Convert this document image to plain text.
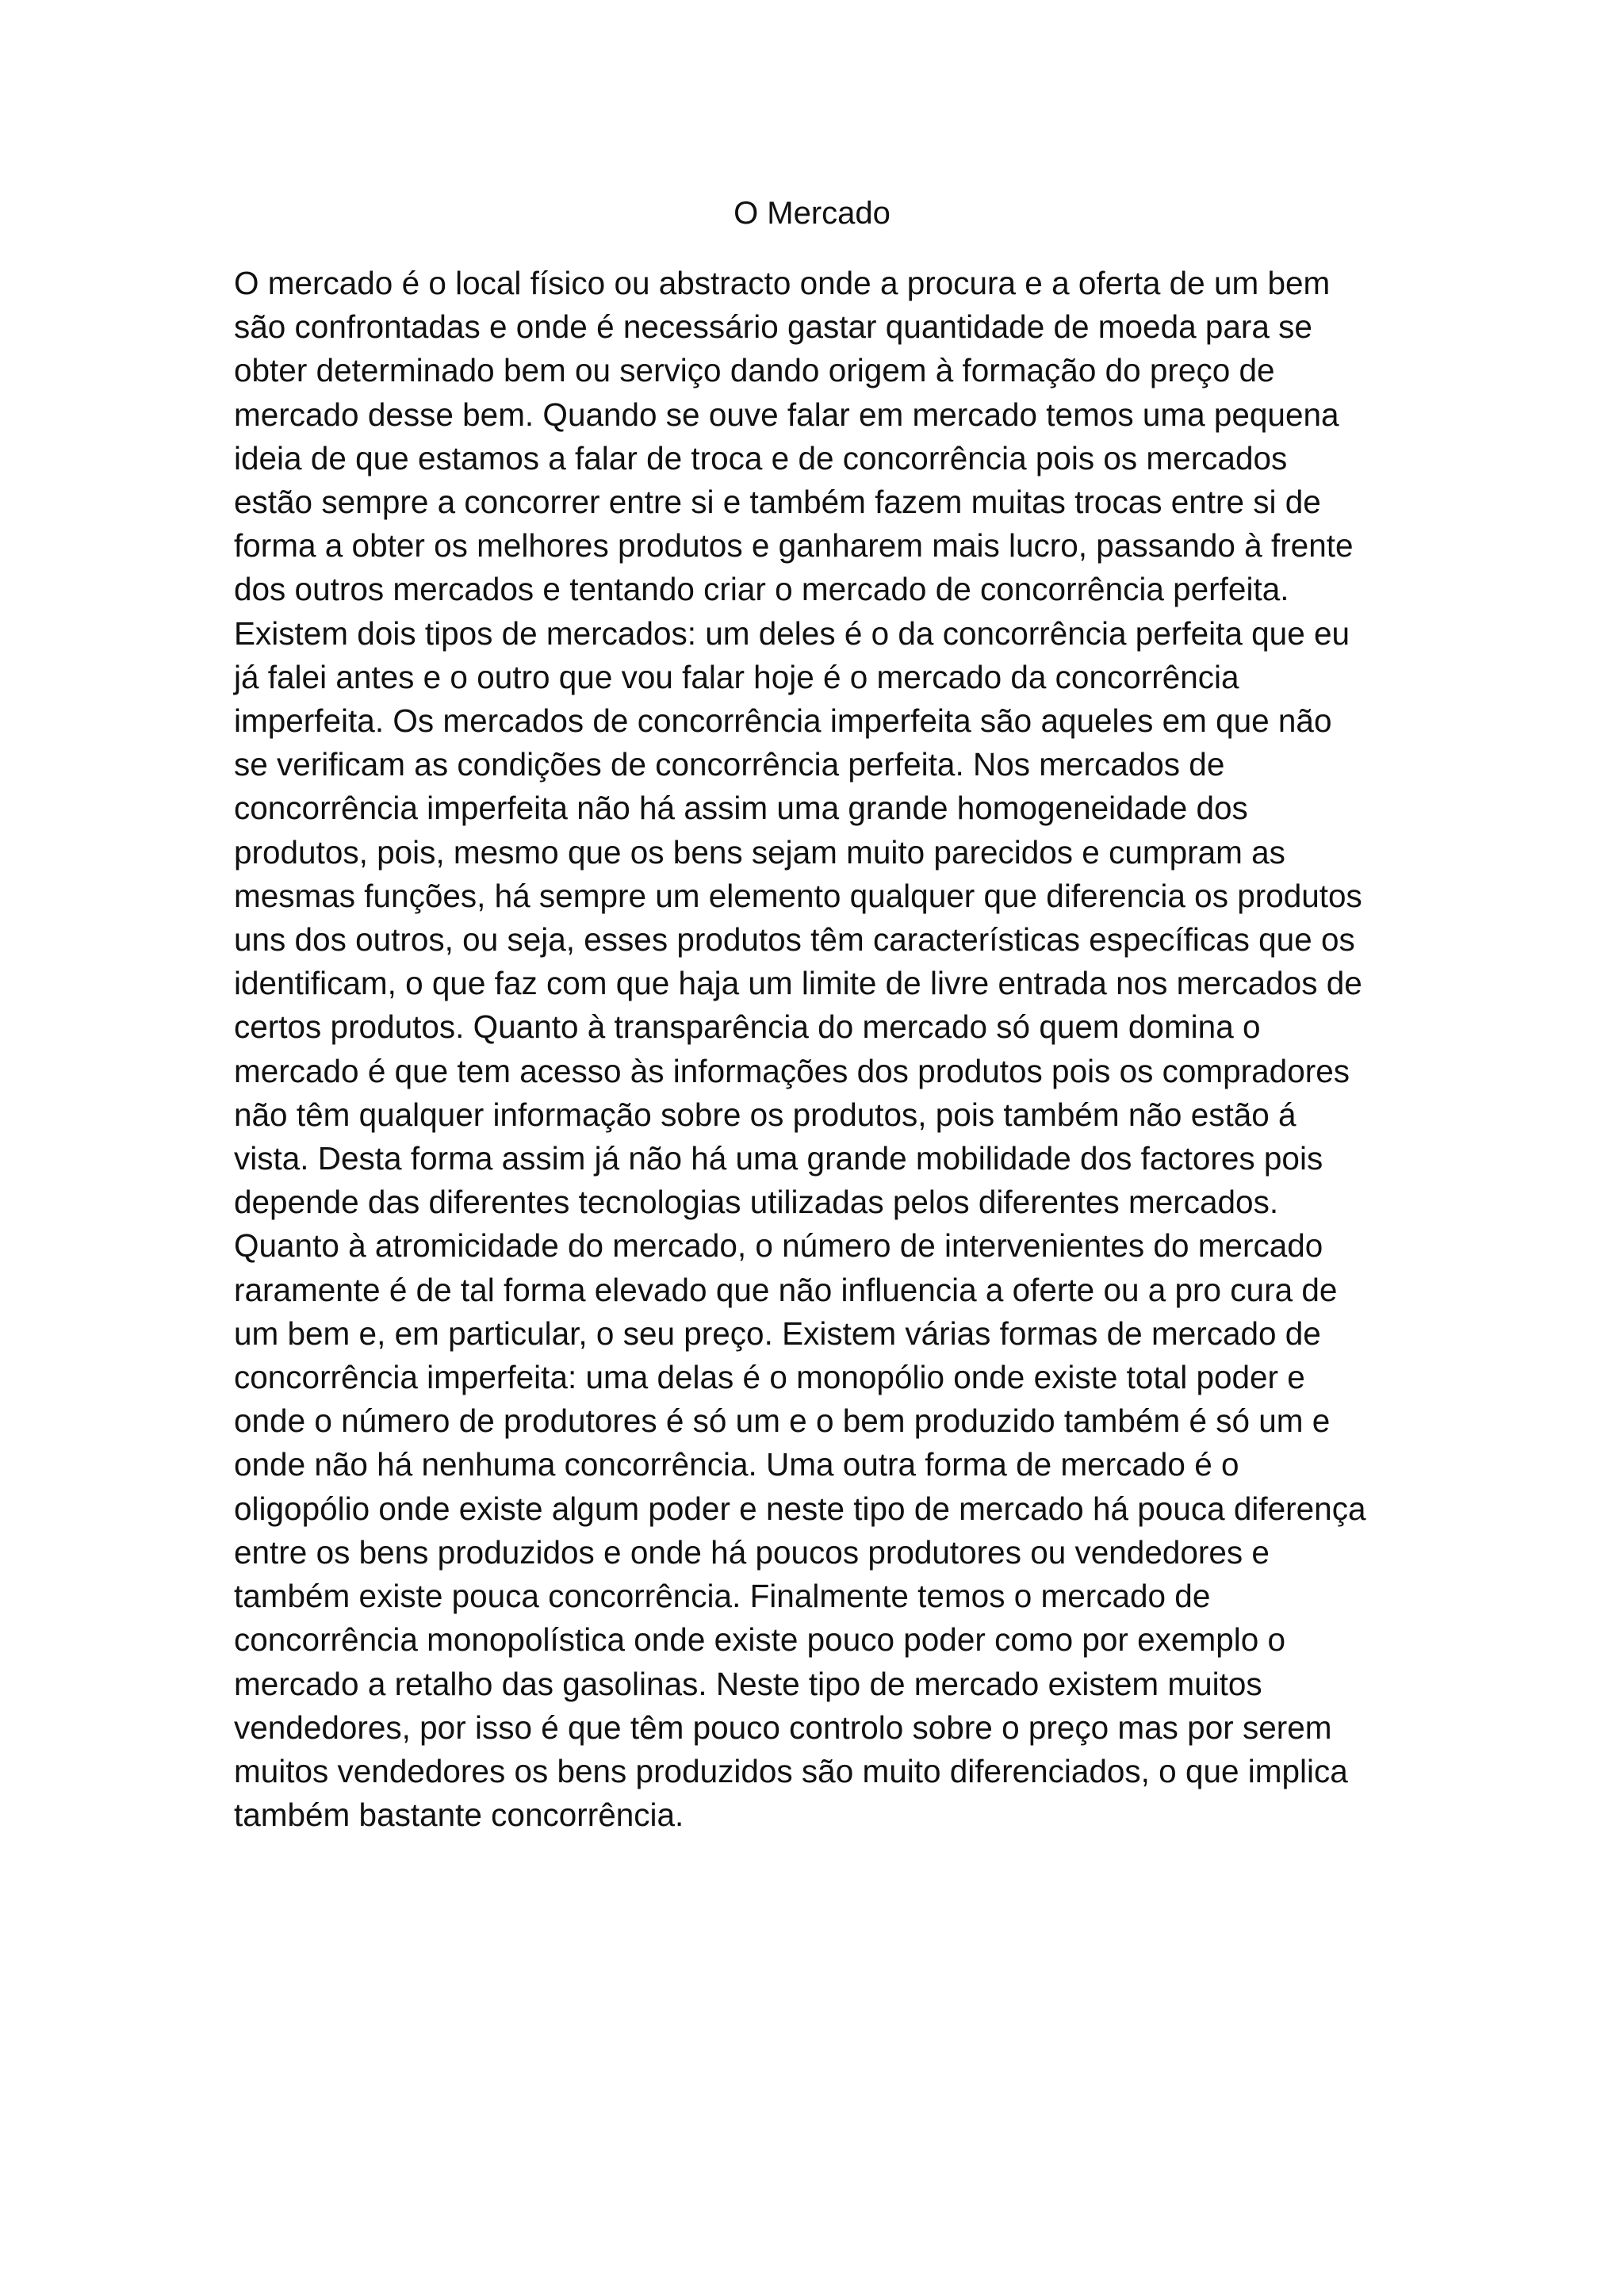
O Mercado
O mercado é o local físico ou abstracto onde a procura e a oferta de um bem
são confrontadas e onde é necessário gastar quantidade de moeda para se
obter determinado bem ou serviço dando origem à formação do preço de
mercado desse bem. Quando se ouve falar em mercado temos uma pequena
ideia de que estamos a falar de troca e de concorrência pois os mercados
estão sempre a concorrer entre si e também fazem muitas trocas entre si de
forma a obter os melhores produtos e ganharem mais lucro, passando à frente
dos outros mercados e tentando criar o mercado de concorrência perfeita.
Existem dois tipos de mercados: um deles é o da concorrência perfeita que eu
já falei antes e o outro que vou falar hoje é o mercado da concorrência
imperfeita. Os mercados de concorrência imperfeita são aqueles em que não
se verificam as condições de concorrência perfeita. Nos mercados de
concorrência imperfeita não há assim uma grande homogeneidade dos
produtos, pois, mesmo que os bens sejam muito parecidos e cumpram as
mesmas funções, há sempre um elemento qualquer que diferencia os produtos
uns dos outros, ou seja, esses produtos têm características específicas que os
identificam, o que faz com que haja um limite de livre entrada nos mercados de
certos produtos. Quanto à transparência do mercado só quem domina o
mercado é que tem acesso às informações dos produtos pois os compradores
não têm qualquer informação sobre os produtos, pois também não estão á
vista. Desta forma assim já não há uma grande mobilidade dos factores pois
depende das diferentes tecnologias utilizadas pelos diferentes mercados.
Quanto à atromicidade do mercado, o número de intervenientes do mercado
raramente é de tal forma elevado que não influencia a oferte ou a pro cura de
um bem e, em particular, o seu preço. Existem várias formas de mercado de
concorrência imperfeita: uma delas é o monopólio onde existe total poder e
onde o número de produtores é só um e o bem produzido também é só um e
onde não há nenhuma concorrência. Uma outra forma de mercado é o
oligopólio onde existe algum poder e neste tipo de mercado há pouca diferença
entre os bens produzidos e onde há poucos produtores ou vendedores e
também existe pouca concorrência. Finalmente temos o mercado de
concorrência monopolística onde existe pouco poder como por exemplo o
mercado a retalho das gasolinas. Neste tipo de mercado existem muitos
vendedores, por isso é que têm pouco controlo sobre o preço mas por serem
muitos vendedores os bens produzidos são muito diferenciados, o que implica
também bastante concorrência.
